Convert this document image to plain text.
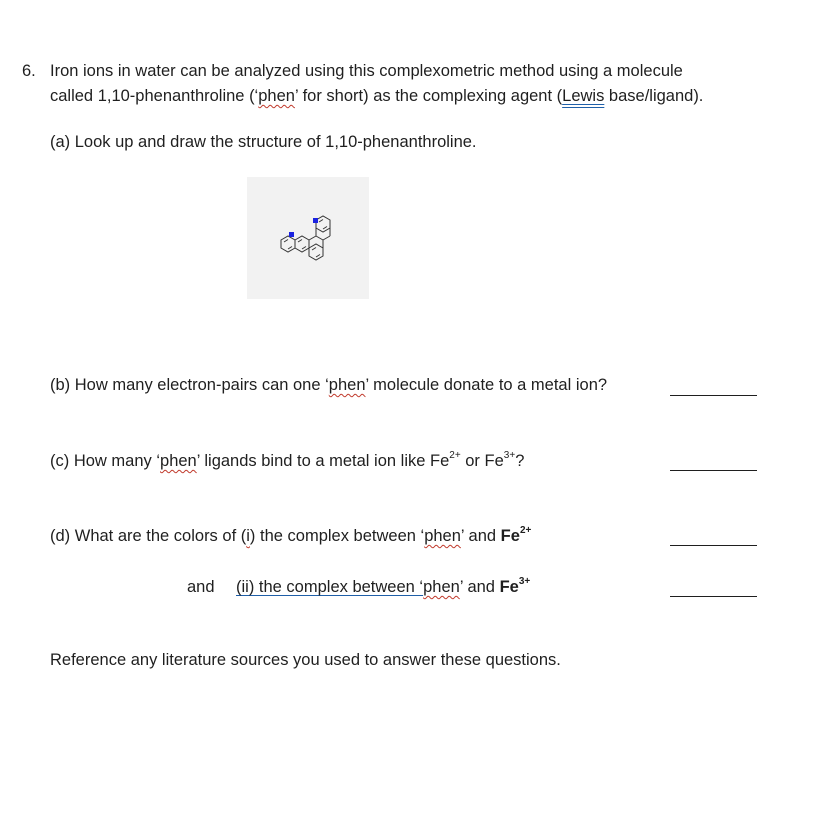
6. Iron ions in water can be analyzed using this complexometric method using a molecule
called 1,10-phenanthroline (‘phen’ for short) as the complexing agent (Lewis base/ligand).
(a) Look up and draw the structure of 1,10-phenanthroline.
(b) How many electron-pairs can one ‘phen’ molecule donate to a metal ion?
(c) How many ‘phen’ ligands bind to a metal ion like $Fe^{2+}$ or $Fe^{3+}$?
(d) What are the colors of (i) the complex between ‘phen’ and $Fe^{2+}$
and (ii) the complex between ‘phen’ and $Fe^{3+}$
Reference any literature sources you used to answer these questions.
